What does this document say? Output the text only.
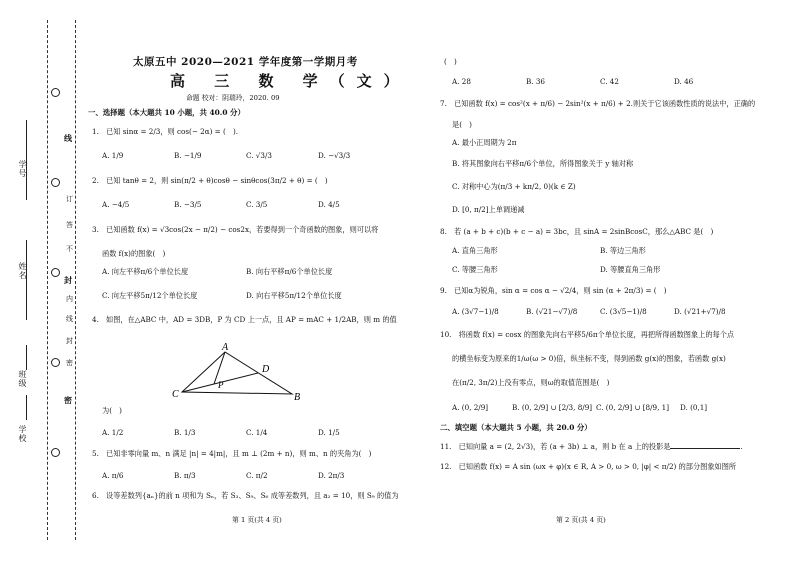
学号
姓名
班级
学校
线
封
密
订
答
不
内
线
封
密
太原五中 2020—2021 学年度第一学期月考
高 三 数 学（文）
命题 校对：阴瑞玲，2020. 09
一、选择题（本大题共 10 小题，共 40.0 分）
1.　已知 sinα = 2/3，则 cos(− 2α) = (　).
A. 1/9	B. −1/9	C. √3/3	D. −√3/3
2.　已知 tanθ = 2，则 sin(π/2 + θ)cosθ − sinθcos(3π/2 + θ) = (　)
A. −4/5	B. −3/5	C. 3/5	D. 4/5
3.　已知函数 f(x) = √3cos(2x − π/2) − cos2x，若要得到一个奇函数的图象，则可以将
函数 f(x)的图象(　)
A. 向左平移π/6个单位长度	B. 向右平移π/6个单位长度
C. 向左平移5π/12个单位长度	D. 向右平移5π/12个单位长度
4.　如图，在△ABC 中，AD = 3DB，P 为 CD 上一点，且 AP = mAC + 1/2AB，则 m 的值
A
B
C
D
P
为(　)
A. 1/2	B. 1/3	C. 1/4	D. 1/5
5.　已知非零向量 m、n 满足 |n| = 4|m|，且 m ⊥ (2m + n)，则 m、n 的夹角为(　)
A. π/6	B. π/3	C. π/2	D. 2π/3
6.　设等差数列{aₙ}的前 n 项和为 Sₙ，若 S₃、S₉、S₆ 成等差数列，且 a₂ = 10，则 S₉ 的值为
第 1 页(共 4 页)
(　)
A. 28	B. 36	C. 42	D. 46
7.　已知函数 f(x) = cos²(x + π/6) − 2sin²(x + π/6) + 2.则关于它该函数性质的说法中，正确的
是(　)
A. 最小正周期为 2π
B. 将其图象向右平移π/6个单位，所得图象关于 y 轴对称
C. 对称中心为(π/3 + kπ/2, 0)(k ∈ Z)
D. [0, π/2]上单调递减
8.　若 (a + b + c)(b + c − a) = 3bc，且 sinA = 2sinBcosC，那么△ABC 是(　)
A. 直角三角形	B. 等边三角形
C. 等腰三角形	D. 等腰直角三角形
9.　已知α为锐角，sin α = cos α − √2/4，则 sin (α + 2π/3) = (　)
A. (3√7−1)/8	B. (√21−√7)/8	C. (3√5−1)/8	D. (√21+√7)/8
10.　将函数 f(x) = cosx 的图象先向右平移5/6π个单位长度，再把所得函数图象上的每个点
的横坐标变为原来的1/ω(ω > 0)倍，纵坐标不变，得到函数 g(x)的图象，若函数 g(x)
在(π/2, 3π/2)上没有零点，则ω的取值范围是(　)
A. (0, 2/9]	B. (0, 2/9] ∪ [2/3, 8/9] C. (0, 2/9] ∪ [8/9, 1] D. (0,1]
二、填空题（本大题共 5 小题，共 20.0 分）
11.　已知向量 a = (2, 2√3)，若 (a + 3b) ⊥ a，则 b 在 a 上的投影是	.
12.　已知函数 f(x) = A sin (ωx + φ)(x ∈ R, A > 0, ω > 0, |φ| < π/2) 的部分图象如图所
第 2 页(共 4 页)
